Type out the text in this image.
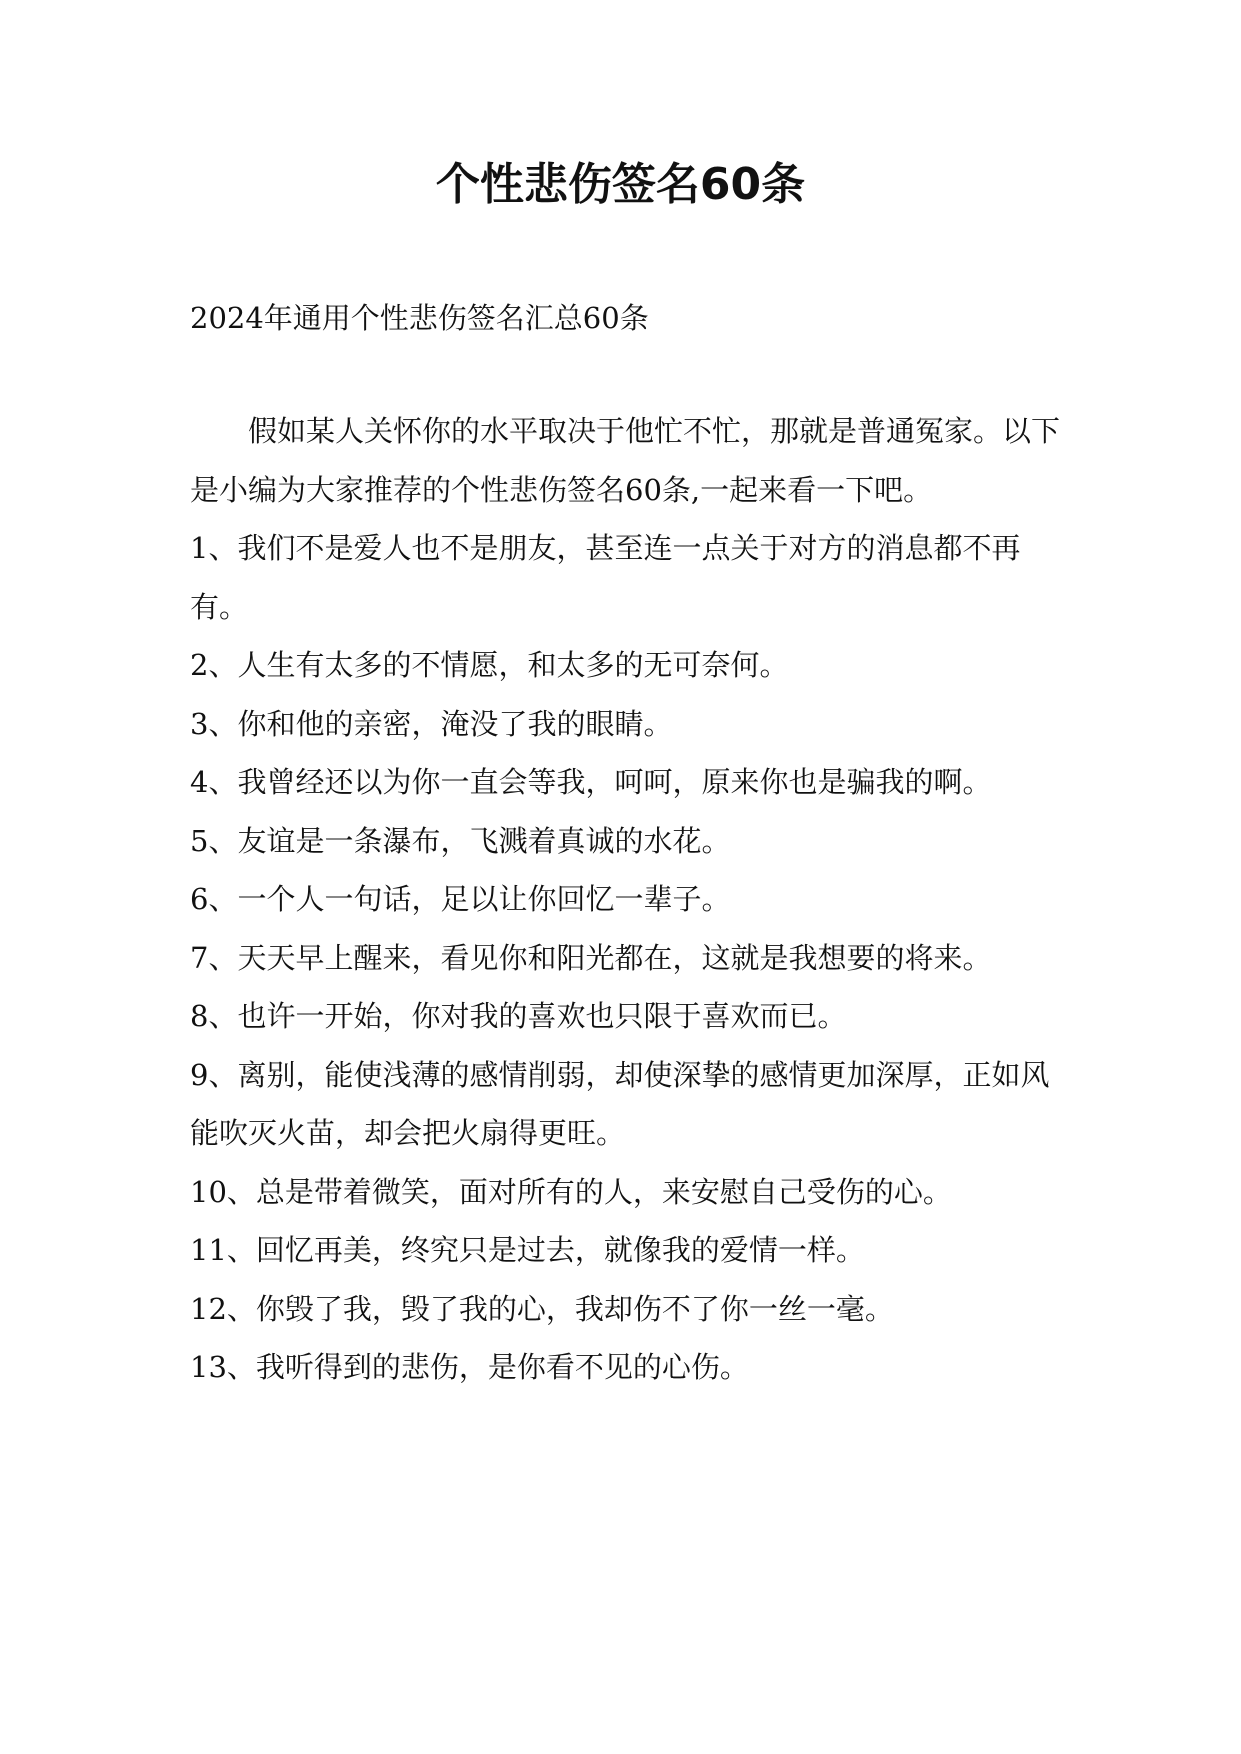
个性悲伤签名60条

2024年通用个性悲伤签名汇总60条

假如某人关怀你的水平取决于他忙不忙，那就是普通冤家。以下是小编为大家推荐的个性悲伤签名60条,一起来看一下吧。

1、我们不是爱人也不是朋友，甚至连一点关于对方的消息都不再有。
2、人生有太多的不情愿，和太多的无可奈何。
3、你和他的亲密，淹没了我的眼睛。
4、我曾经还以为你一直会等我，呵呵，原来你也是骗我的啊。
5、友谊是一条瀑布，飞溅着真诚的水花。
6、一个人一句话，足以让你回忆一辈子。
7、天天早上醒来，看见你和阳光都在，这就是我想要的将来。
8、也许一开始，你对我的喜欢也只限于喜欢而已。
9、离别，能使浅薄的感情削弱，却使深挚的感情更加深厚，正如风能吹灭火苗，却会把火扇得更旺。
10、总是带着微笑，面对所有的人，来安慰自己受伤的心。
11、回忆再美，终究只是过去，就像我的爱情一样。
12、你毁了我，毁了我的心，我却伤不了你一丝一毫。
13、我听得到的悲伤，是你看不见的心伤。
